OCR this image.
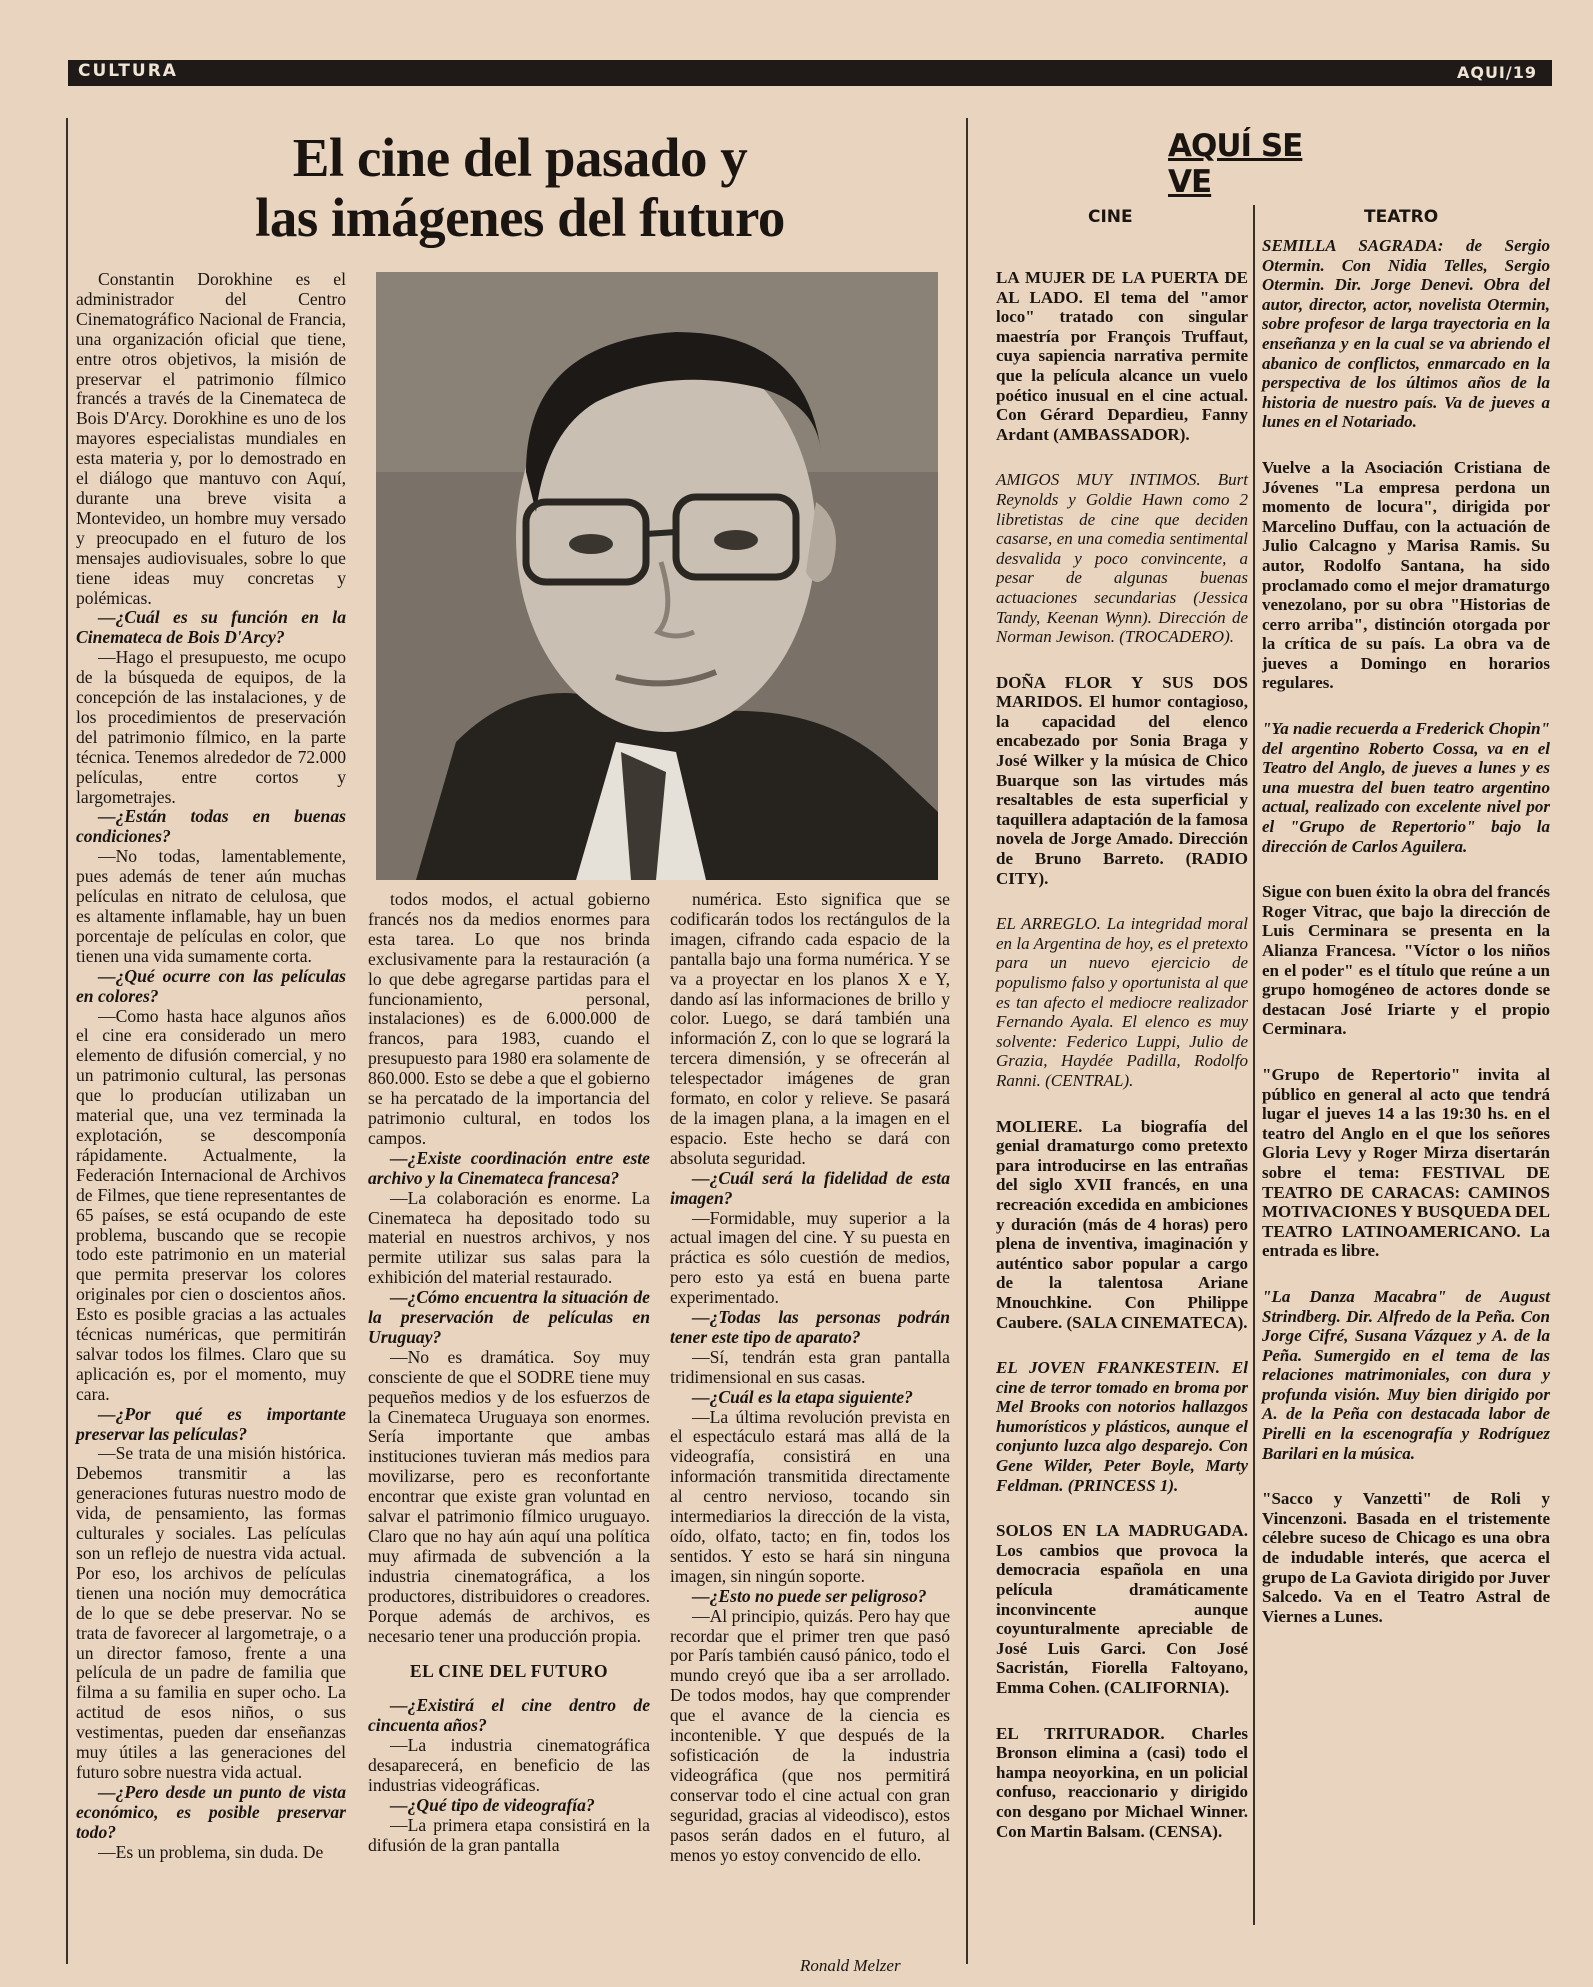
CULTURA	AQUI/19
El cine del pasado y
las imágenes del futuro

Constantin Dorokhine es el administrador del Centro Cinematográfico Nacional de Francia, una organización oficial que tiene, entre otros objetivos, la misión de preservar el patrimonio fílmico francés a través de la Cinemateca de Bois D'Arcy. Dorokhine es uno de los mayores especialistas mundiales en esta materia y, por lo demostrado en el diálogo que mantuvo con Aquí, durante una breve visita a Montevideo, un hombre muy versado y preocupado en el futuro de los mensajes audiovisuales, sobre lo que tiene ideas muy concretas y polémicas.

—¿Cuál es su función en la Cinemateca de Bois D'Arcy?

—Hago el presupuesto, me ocupo de la búsqueda de equipos, de la concepción de las instalaciones, y de los procedimientos de preservación del patrimonio fílmico, en la parte técnica. Tenemos alrededor de 72.000 películas, entre cortos y largometrajes.

—¿Están todas en buenas condiciones?

—No todas, lamentablemente, pues además de tener aún muchas películas en nitrato de celulosa, que es altamente inflamable, hay un buen porcentaje de películas en color, que tienen una vida sumamente corta.

—¿Qué ocurre con las películas en colores?

—Como hasta hace algunos años el cine era considerado un mero elemento de difusión comercial, y no un patrimonio cultural, las personas que lo producían utilizaban un material que, una vez terminada la explotación, se descomponía rápidamente. Actualmente, la Federación Internacional de Archivos de Filmes, que tiene representantes de 65 países, se está ocupando de este problema, buscando que se recopie todo este patrimonio en un material que permita preservar los colores originales por cien o doscientos años. Esto es posible gracias a las actuales técnicas numéricas, que permitirán salvar todos los filmes. Claro que su aplicación es, por el momento, muy cara.

—¿Por qué es importante preservar las películas?

—Se trata de una misión histórica. Debemos transmitir a las generaciones futuras nuestro modo de vida, de pensamiento, las formas culturales y sociales. Las películas son un reflejo de nuestra vida actual. Por eso, los archivos de películas tienen una noción muy democrática de lo que se debe preservar. No se trata de favorecer al largometraje, o a un director famoso, frente a una película de un padre de familia que filma a su familia en super ocho. La actitud de esos niños, o sus vestimentas, pueden dar enseñanzas muy útiles a las generaciones del futuro sobre nuestra vida actual.

—¿Pero desde un punto de vista económico, es posible preservar todo?

—Es un problema, sin duda. De

todos modos, el actual gobierno francés nos da medios enormes para esta tarea. Lo que nos brinda exclusivamente para la restauración (a lo que debe agregarse partidas para el funcionamiento, personal, instalaciones) es de 6.000.000 de francos, para 1983, cuando el presupuesto para 1980 era solamente de 860.000. Esto se debe a que el gobierno se ha percatado de la importancia del patrimonio cultural, en todos los campos.

—¿Existe coordinación entre este archivo y la Cinemateca francesa?

—La colaboración es enorme. La Cinemateca ha depositado todo su material en nuestros archivos, y nos permite utilizar sus salas para la exhibición del material restaurado.

—¿Cómo encuentra la situación de la preservación de películas en Uruguay?

—No es dramática. Soy muy consciente de que el SODRE tiene muy pequeños medios y de los esfuerzos de la Cinemateca Uruguaya son enormes. Sería importante que ambas instituciones tuvieran más medios para movilizarse, pero es reconfortante encontrar que existe gran voluntad en salvar el patrimonio fílmico uruguayo. Claro que no hay aún aquí una política muy afirmada de subvención a la industria cinematográfica, a los productores, distribuidores o creadores. Porque además de archivos, es necesario tener una producción propia.

EL CINE DEL FUTURO

—¿Existirá el cine dentro de cincuenta años?

—La industria cinematográfica desaparecerá, en beneficio de las industrias videográficas.

—¿Qué tipo de videografía?

—La primera etapa consistirá en la difusión de la gran pantalla

numérica. Esto significa que se codificarán todos los rectángulos de la imagen, cifrando cada espacio de la pantalla bajo una forma numérica. Y se va a proyectar en los planos X e Y, dando así las informaciones de brillo y color. Luego, se dará también una información Z, con lo que se logrará la tercera dimensión, y se ofrecerán al telespectador imágenes de gran formato, en color y relieve. Se pasará de la imagen plana, a la imagen en el espacio. Este hecho se dará con absoluta seguridad.

—¿Cuál será la fidelidad de esta imagen?

—Formidable, muy superior a la actual imagen del cine. Y su puesta en práctica es sólo cuestión de medios, pero esto ya está en buena parte experimentado.

—¿Todas las personas podrán tener este tipo de aparato?

—Sí, tendrán esta gran pantalla tridimensional en sus casas.

—¿Cuál es la etapa siguiente?

—La última revolución prevista en el espectáculo estará mas allá de la videografía, consistirá en una información transmitida directamente al centro nervioso, tocando sin intermediarios la dirección de la vista, oído, olfato, tacto; en fin, todos los sentidos. Y esto se hará sin ninguna imagen, sin ningún soporte.

—¿Esto no puede ser peligroso?

—Al principio, quizás. Pero hay que recordar que el primer tren que pasó por París también causó pánico, todo el mundo creyó que iba a ser arrollado. De todos modos, hay que comprender que el avance de la ciencia es incontenible. Y que después de la sofisticación de la industria videográfica (que nos permitirá conservar todo el cine actual con gran seguridad, gracias al videodisco), estos pasos serán dados en el futuro, al menos yo estoy convencido de ello.

Ronald Melzer
AQUÍ SE VE
CINE	TEATRO

LA MUJER DE LA PUERTA DE AL LADO. El tema del "amor loco" tratado con singular maestría por François Truffaut, cuya sapiencia narrativa permite que la película alcance un vuelo poético inusual en el cine actual. Con Gérard Depardieu, Fanny Ardant (AMBASSADOR).

AMIGOS MUY INTIMOS. Burt Reynolds y Goldie Hawn como 2 libretistas de cine que deciden casarse, en una comedia sentimental desvalida y poco convincente, a pesar de algunas buenas actuaciones secundarias (Jessica Tandy, Keenan Wynn). Dirección de Norman Jewison. (TROCADERO).

DOÑA FLOR Y SUS DOS MARIDOS. El humor contagioso, la capacidad del elenco encabezado por Sonia Braga y José Wilker y la música de Chico Buarque son las virtudes más resaltables de esta superficial y taquillera adaptación de la famosa novela de Jorge Amado. Dirección de Bruno Barreto. (RADIO CITY).

EL ARREGLO. La integridad moral en la Argentina de hoy, es el pretexto para un nuevo ejercicio de populismo falso y oportunista al que es tan afecto el mediocre realizador Fernando Ayala. El elenco es muy solvente: Federico Luppi, Julio de Grazia, Haydée Padilla, Rodolfo Ranni. (CENTRAL).

MOLIERE. La biografía del genial dramaturgo como pretexto para introducirse en las entrañas del siglo XVII francés, en una recreación excedida en ambiciones y duración (más de 4 horas) pero plena de inventiva, imaginación y auténtico sabor popular a cargo de la talentosa Ariane Mnouchkine. Con Philippe Caubere. (SALA CINEMATECA).

EL JOVEN FRANKESTEIN. El cine de terror tomado en broma por Mel Brooks con notorios hallazgos humorísticos y plásticos, aunque el conjunto luzca algo desparejo. Con Gene Wilder, Peter Boyle, Marty Feldman. (PRINCESS 1).

SOLOS EN LA MADRUGADA. Los cambios que provoca la democracia española en una película dramáticamente inconvincente aunque coyunturalmente apreciable de José Luis Garci. Con José Sacristán, Fiorella Faltoyano, Emma Cohen. (CALIFORNIA).

EL TRITURADOR. Charles Bronson elimina a (casi) todo el hampa neoyorkina, en un policial confuso, reaccionario y dirigido con desgano por Michael Winner. Con Martin Balsam. (CENSA).

SEMILLA SAGRADA: de Sergio Otermin. Con Nidia Telles, Sergio Otermin. Dir. Jorge Denevi. Obra del autor, director, actor, novelista Otermin, sobre profesor de larga trayectoria en la enseñanza y en la cual se va abriendo el abanico de conflictos, enmarcado en la perspectiva de los últimos años de la historia de nuestro país. Va de jueves a lunes en el Notariado.

Vuelve a la Asociación Cristiana de Jóvenes "La empresa perdona un momento de locura", dirigida por Marcelino Duffau, con la actuación de Julio Calcagno y Marisa Ramis. Su autor, Rodolfo Santana, ha sido proclamado como el mejor dramaturgo venezolano, por su obra "Historias de cerro arriba", distinción otorgada por la crítica de su país. La obra va de jueves a Domingo en horarios regulares.

"Ya nadie recuerda a Frederick Chopin" del argentino Roberto Cossa, va en el Teatro del Anglo, de jueves a lunes y es una muestra del buen teatro argentino actual, realizado con excelente nivel por el "Grupo de Repertorio" bajo la dirección de Carlos Aguilera.

Sigue con buen éxito la obra del francés Roger Vitrac, que bajo la dirección de Luis Cerminara se presenta en la Alianza Francesa. "Víctor o los niños en el poder" es el título que reúne a un grupo homogéneo de actores donde se destacan José Iriarte y el propio Cerminara.

"Grupo de Repertorio" invita al público en general al acto que tendrá lugar el jueves 14 a las 19:30 hs. en el teatro del Anglo en el que los señores Gloria Levy y Roger Mirza disertarán sobre el tema: FESTIVAL DE TEATRO DE CARACAS: CAMINOS MOTIVACIONES Y BUSQUEDA DEL TEATRO LATINOAMERICANO. La entrada es libre.

"La Danza Macabra" de August Strindberg. Dir. Alfredo de la Peña. Con Jorge Cifré, Susana Vázquez y A. de la Peña. Sumergido en el tema de las relaciones matrimoniales, con dura y profunda visión. Muy bien dirigido por A. de la Peña con destacada labor de Pirelli en la escenografía y Rodríguez Barilari en la música.

"Sacco y Vanzetti" de Roli y Vincenzoni. Basada en el tristemente célebre suceso de Chicago es una obra de indudable interés, que acerca el grupo de La Gaviota dirigido por Juver Salcedo. Va en el Teatro Astral de Viernes a Lunes.
